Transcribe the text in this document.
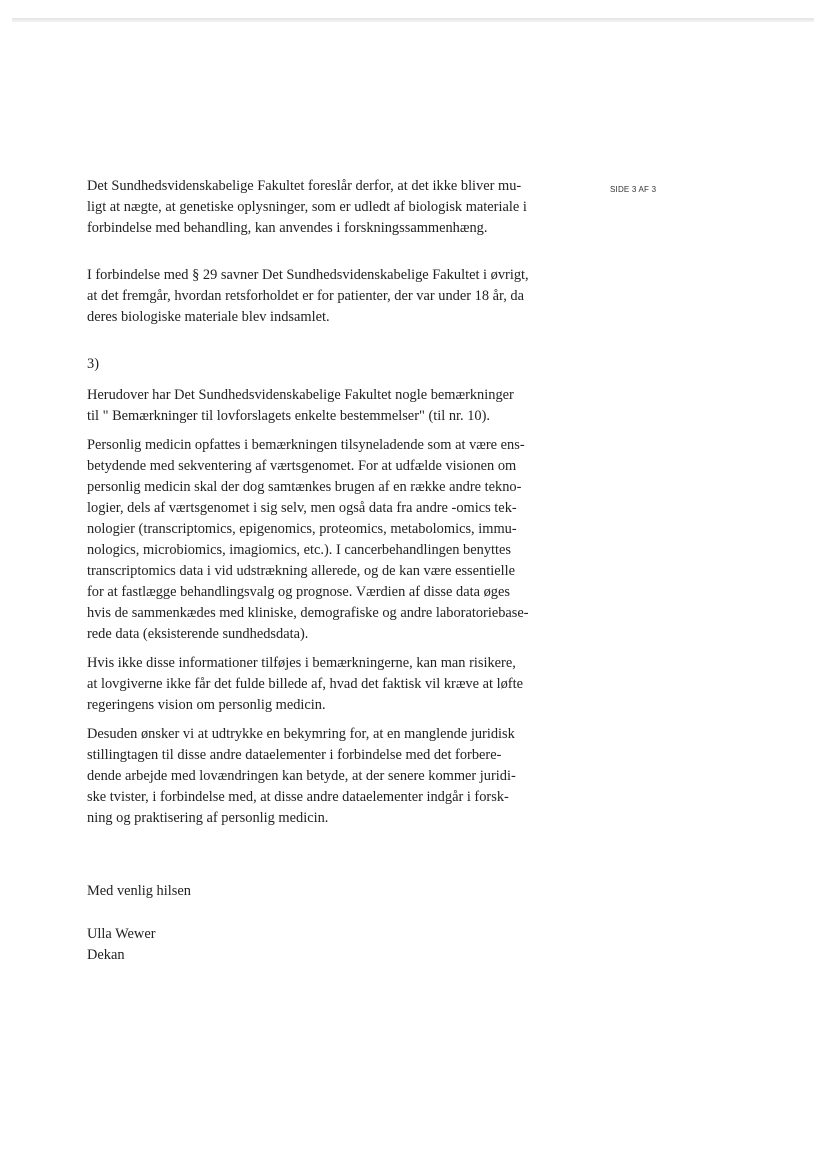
SIDE 3 AF 3

Det Sundhedsvidenskabelige Fakultet foreslår derfor, at det ikke bliver mu-
ligt at nægte, at genetiske oplysninger, som er udledt af biologisk materiale i
forbindelse med behandling, kan anvendes i forskningssammenhæng.

I forbindelse med § 29 savner Det Sundhedsvidenskabelige Fakultet i øvrigt,
at det fremgår, hvordan retsforholdet er for patienter, der var under 18 år, da
deres biologiske materiale blev indsamlet.

3)

Herudover har Det Sundhedsvidenskabelige Fakultet nogle bemærkninger
til " Bemærkninger til lovforslagets enkelte bestemmelser" (til nr. 10).

Personlig medicin opfattes i bemærkningen tilsyneladende som at være ens-
betydende med sekventering af værtsgenomet. For at udfælde visionen om
personlig medicin skal der dog samtænkes brugen af en række andre tekno-
logier, dels af værtsgenomet i sig selv, men også data fra andre -omics tek-
nologier (transcriptomics, epigenomics, proteomics, metabolomics, immu-
nologics, microbiomics, imagiomics, etc.). I cancerbehandlingen benyttes
transcriptomics data i vid udstrækning allerede, og de kan være essentielle
for at fastlægge behandlingsvalg og prognose. Værdien af disse data øges
hvis de sammenkædes med kliniske, demografiske og andre laboratoriebase-
rede data (eksisterende sundhedsdata).

Hvis ikke disse informationer tilføjes i bemærkningerne, kan man risikere,
at lovgiverne ikke får det fulde billede af, hvad det faktisk vil kræve at løfte
regeringens vision om personlig medicin.

Desuden ønsker vi at udtrykke en bekymring for, at en manglende juridisk
stillingtagen til disse andre dataelementer i forbindelse med det forbere-
dende arbejde med lovændringen kan betyde, at der senere kommer juridi-
ske tvister, i forbindelse med, at disse andre dataelementer indgår i forsk-
ning og praktisering af personlig medicin.

Med venlig hilsen
Ulla Wewer
Dekan
